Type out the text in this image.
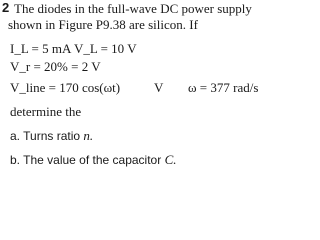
2 The diodes in the full-wave DC power supply
shown in Figure P9.38 are silicon. If
I_L = 5 mA V_L = 10 V
V_r = 20% = 2 V
V_line = 170 cos(ωt)	V ω = 377 rad/s
determine the
a. Turns ratio n.
b. The value of the capacitor C.
